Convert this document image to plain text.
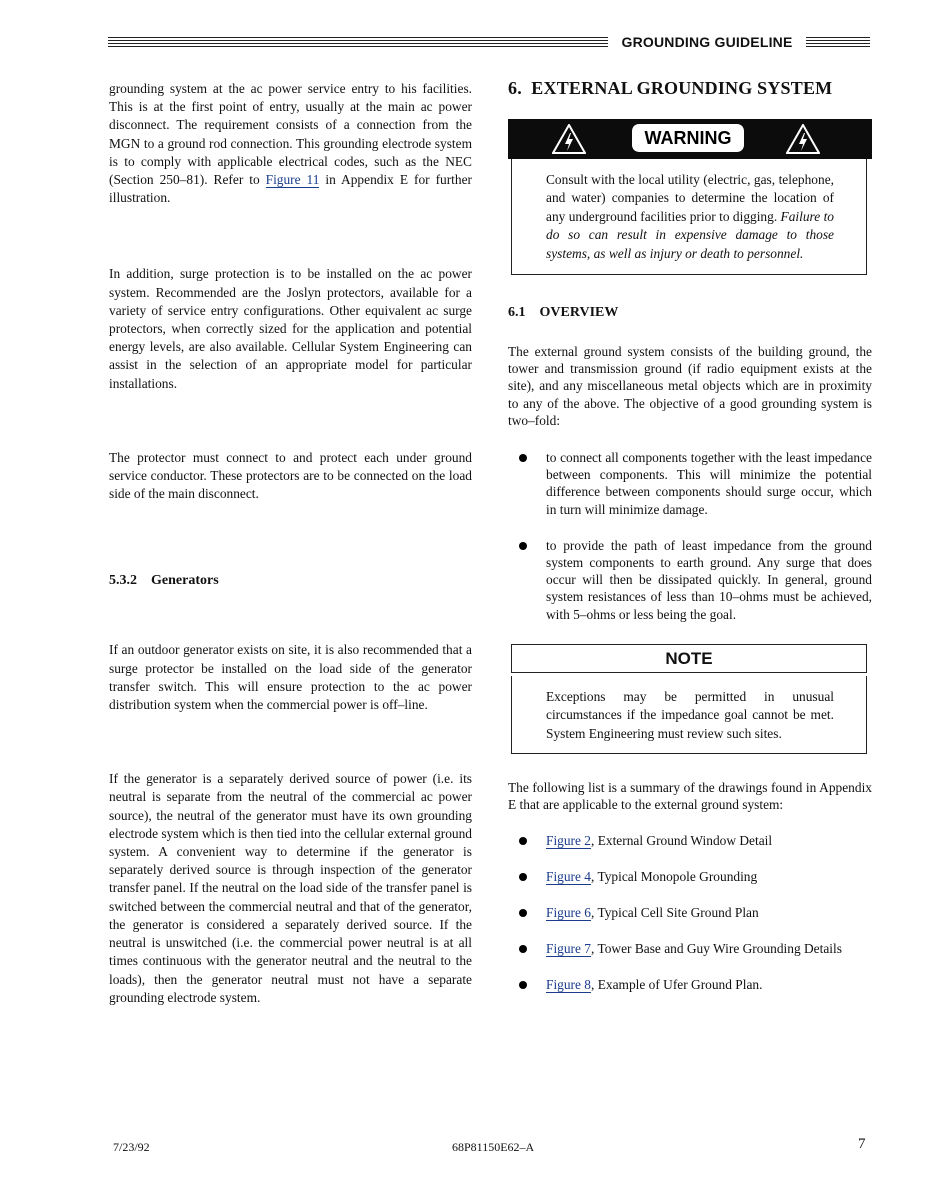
GROUNDING GUIDELINE

grounding system at the ac power service entry to his facilities. This is at the first point of entry, usually at the main ac power disconnect. The requirement consists of a connection from the MGN to a ground rod connection. This grounding electrode system is to comply with applicable electrical codes, such as the NEC (Section 250–81). Refer to Figure 11 in Appendix E for further illustration.

In addition, surge protection is to be installed on the ac power system. Recommended are the Joslyn protectors, available for a variety of service entry configurations. Other equivalent ac surge protectors, when correctly sized for the application and potential energy levels, are also available. Cellular System Engineering can assist in the selection of an appropriate model for particular installations.

The protector must connect to and protect each under ground service conductor. These protectors are to be connected on the load side of the main disconnect.

5.3.2    Generators

If an outdoor generator exists on site, it is also recommended that a surge protector be installed on the load side of the generator transfer switch. This will ensure protection to the ac power distribution system when the commercial power is off–line.

If the generator is a separately derived source of power (i.e. its neutral is separate from the neutral of the commercial ac power source), the neutral of the generator must have its own grounding electrode system which is then tied into the cellular external ground system. A convenient way to determine if the generator is separately derived source is through inspection of the generator transfer panel. If the neutral on the load side of the transfer panel is switched between the commercial neutral and that of the generator, the generator is considered a separately derived source. If the neutral is unswitched (i.e. the commercial power neutral is at all times continuous with the generator neutral and the neutral to the loads), then the generator neutral must not have a separate grounding electrode system.

6.  EXTERNAL GROUNDING SYSTEM
WARNING

Consult with the local utility (electric, gas, telephone, and water) companies to determine the location of any underground facilities prior to digging. Failure to do so can result in expensive damage to those systems, as well as injury or death to personnel.

6.1    OVERVIEW

The external ground system consists of the building ground, the tower and transmission ground (if radio equipment exists at the site), and any miscellaneous metal objects which are in proximity to any of the above. The objective of a good grounding system is two–fold:

to connect all components together with the least impedance between components. This will minimize the potential difference between components should surge occur, which in turn will minimize damage.
to provide the path of least impedance from the ground system components to earth ground. Any surge that does occur will then be dissipated quickly. In general, ground system resistances of less than 10–ohms must be achieved, with 5–ohms or less being the goal.
NOTE

Exceptions may be permitted in unusual circumstances if the impedance goal cannot be met. System Engineering must review such sites.

The following list is a summary of the drawings found in Appendix E that are applicable to the external ground system:

Figure 2, External Ground Window Detail
Figure 4, Typical Monopole Grounding
Figure 6, Typical Cell Site Ground Plan
Figure 7, Tower Base and Guy Wire Grounding Details
Figure 8, Example of Ufer Ground Plan.
7/23/92	68P81150E62–A	7
